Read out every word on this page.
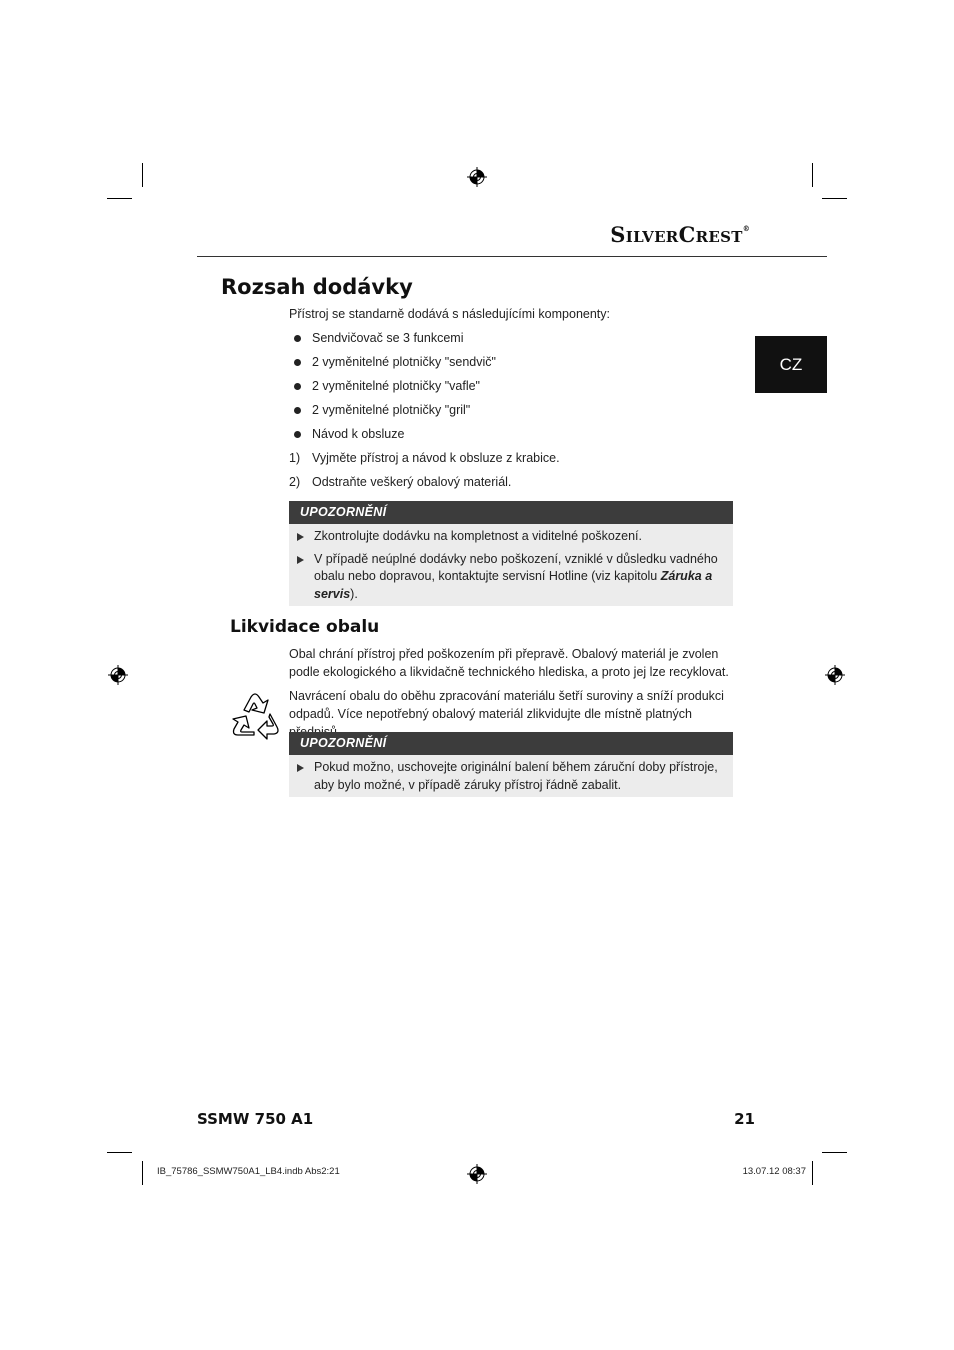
SILVERCREST®
CZ
Rozsah dodávky

Přístroj se standarně dodává s následujícími komponenty:

Sendvičovač se 3 funkcemi
2 vyměnitelné plotničky "sendvič"
2 vyměnitelné plotničky "vafle"
2 vyměnitelné plotničky "gril"
Návod k obsluze
1) Vyjměte přístroj a návod k obsluze z krabice.
2) Odstraňte veškerý obalový materiál.
UPOZORNĚNÍ
Zkontrolujte dodávku na kompletnost a viditelné poškození.
V případě neúplné dodávky nebo poškození, vzniklé v důsledku vadného obalu nebo dopravou, kontaktujte servisní Hotline (viz kapitolu Záruka a servis).
Likvidace obalu

Obal chrání přístroj před poškozením při přepravě. Obalový materiál je zvolen podle ekologického a likvidačně technického hlediska, a proto jej lze recyklovat.

Navrácení obalu do oběhu zpracování materiálu šetří suroviny a sníží produkci odpadů. Více nepotřebný obalový materiál zlikvidujte dle místně platných

UPOZORNĚNÍ
Pokud možno, uschovejte originální balení během záruční doby přístroje, aby bylo možné, v případě záruky přístroj řádně zabalit.
SSMW 750 A1	21
IB_75786_SSMW750A1_LB4.indb Abs2:21	13.07.12 08:37
